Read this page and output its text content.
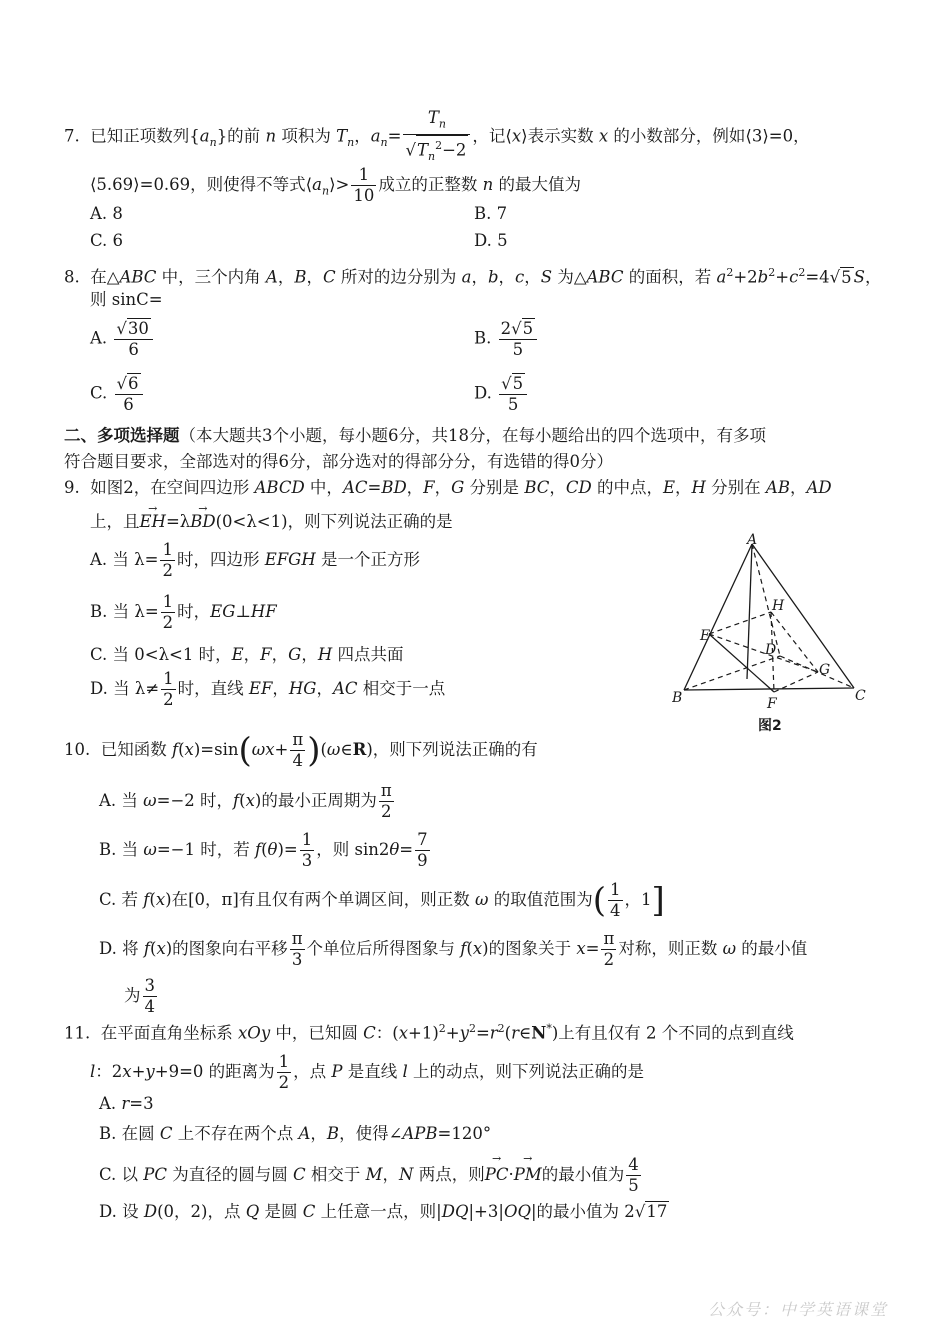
7.  已知正项数列$\{a_n\}$的前 n 项积为 $T_n$，$a_n= \frac{T_n}{√T_n^2-2}$ ，记⟨x⟩表示实数 x 的小数部分，例如⟨3⟩=0，
⟨5.69⟩=0.69，则使得不等式$⟨a_n⟩> \frac{1}{10}$ 成立的正整数 n 的最大值为
A. 8	B. 7
C. 6	D. 5
8.  在△ABC 中，三个内角 A，B，C 所对的边分别为 a，b，c，S 为△ABC 的面积，若 $a^2+2b^2+c^2=4√5$ S，
则 sinC=
A. $\frac{√30}{6}$	B. $\frac{2√5}{5}$
C. $\frac{√6}{6}$	D. $\frac{√5}{5}$
二、多项选择题（本大题共3个小题，每小题6分，共18分，在每小题给出的四个选项中，有多项
符合题目要求，全部选对的得6分，部分选对的得部分分，有选错的得0分）
9.  如图2，在空间四边形 ABCD 中，AC=BD，F，G 分别是 BC，CD 的中点，E，H 分别在 AB，AD
上，且→ EH=λ→ BD(0<λ<1)，则下列说法正确的是
A. 当 $\lambda= \frac{1}{2}$ 时，四边形 EFGH 是一个正方形
B. 当 $\lambda= \frac{1}{2}$ 时，EG⊥HF
C. 当 0<λ<1 时，E，F，G，H 四点共面
D. 当 $\lambda\ne \frac{1}{2}$ 时，直线 EF，HG，AC 相交于一点
A
B	C
D
E
F
G
H
图2
10.  已知函数 $f(x)=\sin(\omega x+ \frac{\pi}{4}$ )(ω∈R)，则下列说法正确的有
A. 当 ω=−2 时，f(x)的最小正周期为 $\frac{\pi}{2}$
B. 当 ω=−1 时，若 $f(\theta)= \frac{1}{3}$ ，则 $\sin 2\theta= \frac{7}{9}$
C. 若 f(x)在[0，π]有且仅有两个单调区间，则正数 ω 的取值范围为( $\frac{1}{4}$ ，1]
D. 将 f(x)的图象向右平移 $\frac{\pi}{3}$ 个单位后所得图象与 f(x)的图象关于 $x= \frac{\pi}{2}$ 对称，则正数 ω 的最小值
为 $\frac{3}{4}$
11.  在平面直角坐标系 xOy 中，已知圆 C：$(x+1)^2+y^2=r^2(r\in N^*)$上有且仅有 2 个不同的点到直线
l：2x+y+9=0 的距离为 $\frac{1}{2}$ ，点 P 是直线 l 上的动点，则下列说法正确的是
A. r=3
B. 在圆 C 上不存在两个点 A，B，使得∠APB=120°
C. 以 PC 为直径的圆与圆 C 相交于 M，N 两点，则→ PC·→ PM的最小值为 $\frac{4}{5}$
D. 设 D(0，2)，点 Q 是圆 C 上任意一点，则|DQ|+3|OQ|的最小值为 2√17
公众号：中学英语课堂
